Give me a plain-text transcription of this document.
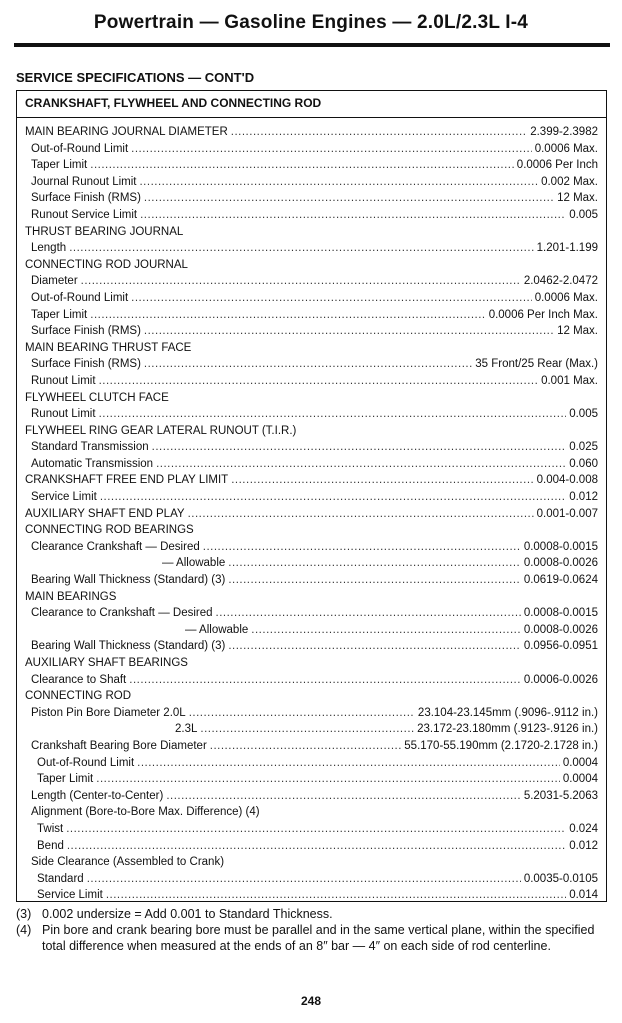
Powertrain — Gasoline Engines — 2.0L/2.3L I-4
SERVICE SPECIFICATIONS — CONT'D
CRANKSHAFT, FLYWHEEL AND CONNECTING ROD
MAIN BEARING JOURNAL DIAMETER .....	2.399-2.3982
Out-of-Round Limit .....	0.0006 Max.
Taper Limit .....	0.0006 Per Inch
Journal Runout Limit .....	0.002 Max.
Surface Finish (RMS) .....	12 Max.
Runout Service Limit .....	0.005
THRUST BEARING JOURNAL
Length .....	1.201-1.199
CONNECTING ROD JOURNAL
Diameter .....	2.0462-2.0472
Out-of-Round Limit .....	0.0006 Max.
Taper Limit .....	0.0006 Per Inch Max.
Surface Finish (RMS) .....	12 Max.
MAIN BEARING THRUST FACE
Surface Finish (RMS) .....	35 Front/25 Rear (Max.)
Runout Limit .....	0.001 Max.
FLYWHEEL CLUTCH FACE
Runout Limit .....	0.005
FLYWHEEL RING GEAR LATERAL RUNOUT (T.I.R.)
Standard Transmission .....	0.025
Automatic Transmission .....	0.060
CRANKSHAFT FREE END PLAY LIMIT .....	0.004-0.008
Service Limit .....	0.012
AUXILIARY SHAFT END PLAY .....	0.001-0.007
CONNECTING ROD BEARINGS
Clearance Crankshaft — Desired .....	0.0008-0.0015
— Allowable .....	0.0008-0.0026
Bearing Wall Thickness (Standard) (3) .....	0.0619-0.0624
MAIN BEARINGS
Clearance to Crankshaft — Desired .....	0.0008-0.0015
— Allowable .....	0.0008-0.0026
Bearing Wall Thickness (Standard) (3) .....	0.0956-0.0951
AUXILIARY SHAFT BEARINGS
Clearance to Shaft .....	0.0006-0.0026
CONNECTING ROD
Piston Pin Bore Diameter 2.0L .....	23.104-23.145mm (.9096-.9112 in.)
2.3L .....	23.172-23.180mm (.9123-.9126 in.)
Crankshaft Bearing Bore Diameter .....	55.170-55.190mm (2.1720-2.1728 in.)
Out-of-Round Limit .....	0.0004
Taper Limit .....	0.0004
Length (Center-to-Center) .....	5.2031-5.2063
Alignment (Bore-to-Bore Max. Difference) (4)
Twist .....	0.024
Bend .....	0.012
Side Clearance (Assembled to Crank)
Standard .....	0.0035-0.0105
Service Limit .....	0.014
(3) 0.002 undersize = Add 0.001 to Standard Thickness.
(4) Pin bore and crank bearing bore must be parallel and in the same vertical plane, within the specified total difference when measured at the ends of an 8″ bar — 4″ on each side of rod centerline.
248
